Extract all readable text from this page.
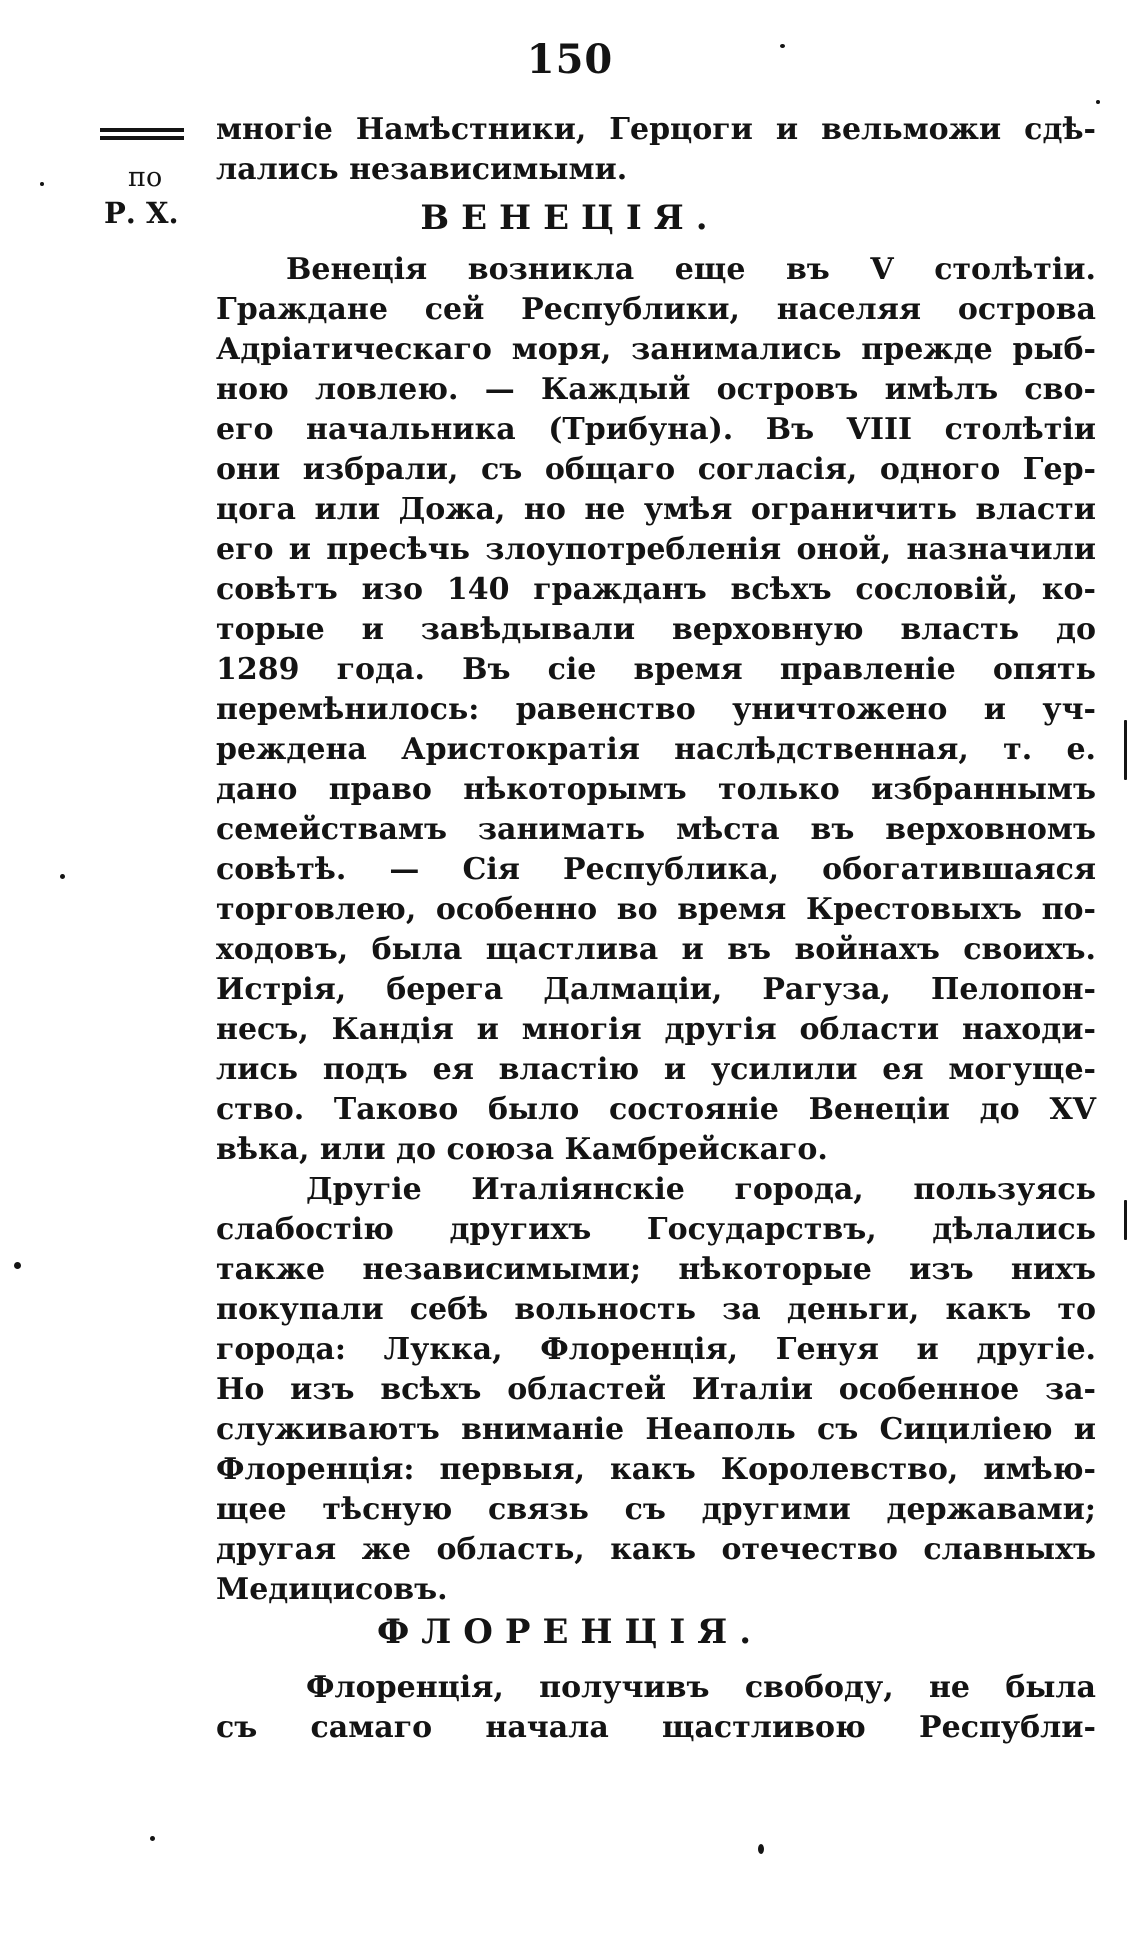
150
по
Р. Х.
многіе Намѣстники, Герцоги и вельможи сдѣ-
лались независимыми.
ВЕНЕЦІЯ.
Венеція возникла еще въ V столѣтіи.
Граждане сей Республики, населяя острова
Адріатическаго моря, занимались прежде рыб-
ною ловлею. — Каждый островъ имѣлъ сво-
его начальника (Трибуна). Въ VIII столѣтіи
они избрали, съ общаго согласія, одного Гер-
цога или Дожа, но не умѣя ограничить власти
его и пресѣчь злоупотребленія оной, назначили
совѣтъ изо 140 гражданъ всѣхъ сословій, ко-
торые и завѣдывали верховную власть до
1289 года. Въ сіе время правленіе опять
перемѣнилось: равенство уничтожено и уч-
реждена Аристократія наслѣдственная, т. е.
дано право нѣкоторымъ только избраннымъ
семействамъ занимать мѣста въ верховномъ
совѣтѣ. — Сія Республика, обогатившаяся
торговлею, особенно во время Крестовыхъ по-
ходовъ, была щастлива и въ войнахъ своихъ.
Истрія, берега Далмаціи, Рагуза, Пелопон-
несъ, Кандія и многія другія области находи-
лись подъ ея властію и усилили ея могуще-
ство. Таково было состояніе Венеціи до XV
вѣка, или до союза Камбрейскаго.
Другіе Италіянскіе города, пользуясь
слабостію другихъ Государствъ, дѣлались
также независимыми; нѣкоторые изъ нихъ
покупали себѣ вольность за деньги, какъ то
города: Лукка, Флоренція, Генуя и другіе.
Но изъ всѣхъ областей Италіи особенное за-
служиваютъ вниманіе Неаполь съ Сициліею и
Флоренція: первыя, какъ Королевство, имѣю-
щее тѣсную связь съ другими державами;
другая же область, какъ отечество славныхъ
Медицисовъ.
ФЛОРЕНЦІЯ.
Флоренція, получивъ свободу, не была
съ самаго начала щастливою Республи-
